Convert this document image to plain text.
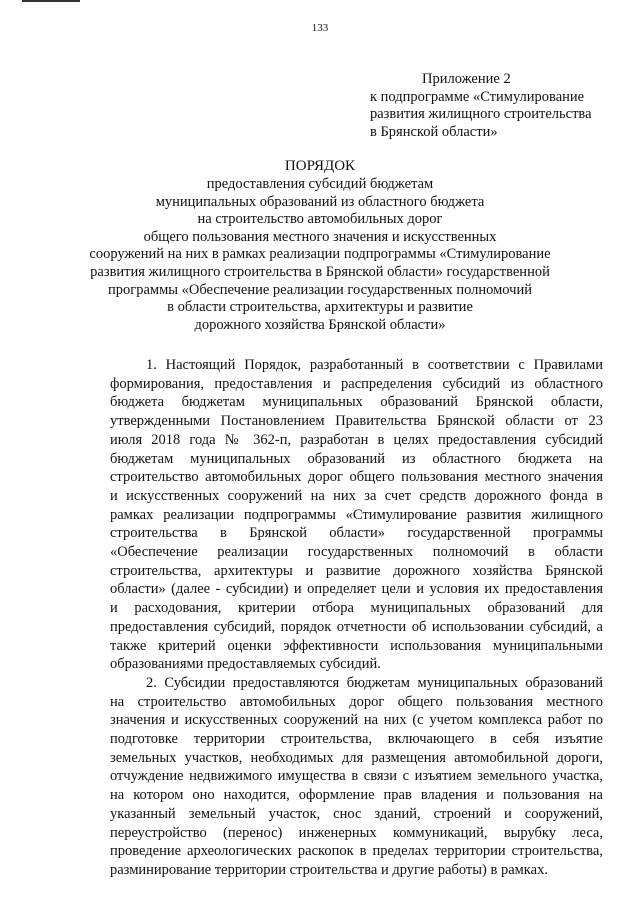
133
Приложение 2
к подпрограмме «Стимулирование
развития жилищного строительства
в Брянской области»
ПОРЯДОК
предоставления субсидий бюджетам
муниципальных образований из областного бюджета
на строительство автомобильных дорог
общего пользования местного значения и искусственных
сооружений на них в рамках реализации подпрограммы «Стимулирование
развития жилищного строительства в Брянской области» государственной
программы «Обеспечение реализации государственных полномочий
в области строительства, архитектуры и развитие
дорожного хозяйства Брянской области»
1. Настоящий Порядок, разработанный в соответствии с Правилами
формирования, предоставления и распределения субсидий из областного
бюджета бюджетам муниципальных образований Брянской области,
утвержденными Постановлением Правительства Брянской области от 23
июля 2018 года № 362-п, разработан в целях предоставления субсидий
бюджетам муниципальных образований из областного бюджета на
строительство автомобильных дорог общего пользования местного значения
и искусственных сооружений на них за счет средств дорожного фонда в
рамках реализации подпрограммы «Стимулирование развития жилищного
строительства в Брянской области» государственной программы
«Обеспечение реализации государственных полномочий в области
строительства, архитектуры и развитие дорожного хозяйства Брянской
области» (далее - субсидии) и определяет цели и условия их предоставления
и расходования, критерии отбора муниципальных образований для
предоставления субсидий, порядок отчетности об использовании субсидий, а
также критерий оценки эффективности использования муниципальными
образованиями предоставляемых субсидий.
2. Субсидии предоставляются бюджетам муниципальных образований
на строительство автомобильных дорог общего пользования местного
значения и искусственных сооружений на них (с учетом комплекса работ по
подготовке территории строительства, включающего в себя изъятие
земельных участков, необходимых для размещения автомобильной дороги,
отчуждение недвижимого имущества в связи с изъятием земельного участка,
на котором оно находится, оформление прав владения и пользования на
указанный земельный участок, снос зданий, строений и сооружений,
переустройство (перенос) инженерных коммуникаций, вырубку леса,
проведение археологических раскопок в пределах территории строительства,
разминирование территории строительства и другие работы) в рамках.
